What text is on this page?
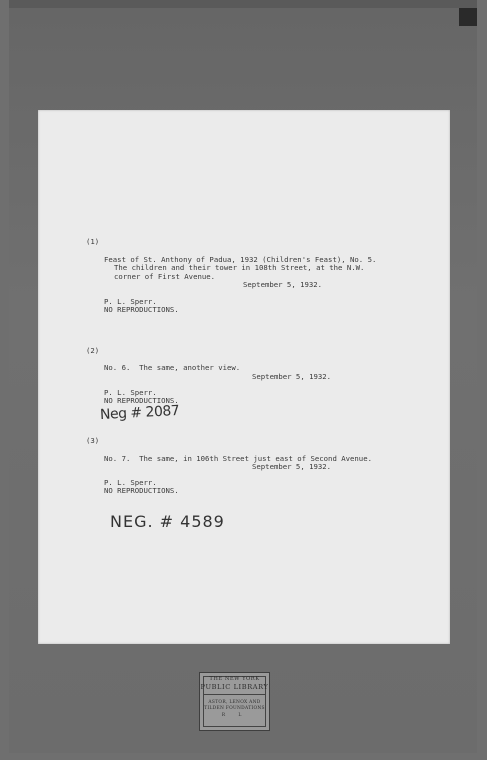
(1)

Feast of St. Anthony of Padua, 1932 (Children's Feast), No. 5.

The children and their tower in 108th Street, at the N.W.

corner of First Avenue.

September 5, 1932.

P. L. Sperr.

NO REPRODUCTIONS.

(2)

No. 6.  The same, another view.

September 5, 1932.

P. L. Sperr.

NO REPRODUCTIONS.

Neg # 2087

(3)

No. 7.  The same, in 106th Street just east of Second Avenue.

September 5, 1932.

P. L. Sperr.

NO REPRODUCTIONS.

NEG. # 4589

THE NEW YORK
PUBLIC LIBRARY
ASTOR, LENOX AND
TILDEN FOUNDATIONS
R L
